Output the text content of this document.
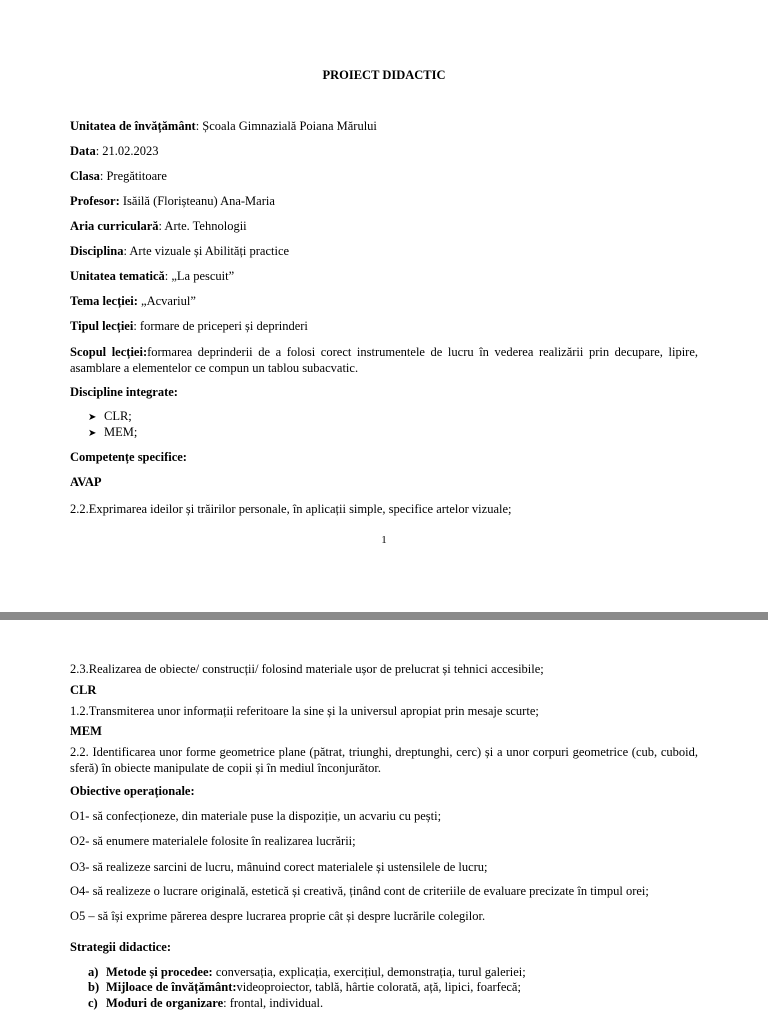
PROIECT DIDACTIC
Unitatea de învățământ: Școala Gimnazială Poiana Mărului
Data: 21.02.2023
Clasa: Pregătitoare
Profesor: Isăilă (Floriștеanu) Ana-Maria
Aria curriculară: Arte. Tehnologii
Disciplina: Arte vizuale și Abilități practice
Unitatea tematică: „La pescuit”
Tema lecției: „Acvariul”
Tipul lecției: formare de priceperi și deprinderi
Scopul lecției:formarea deprinderii de a folosi corect instrumentele de lucru în vederea realizării prin decupare, lipire, asamblare a elementelor ce compun un tablou subacvatic.
Discipline integrate:
➤ CLR;
➤ MEM;
Competențe specifice:
AVAP
2.2.Exprimarea ideilor și trăirilor personale, în aplicații simple, specifice artelor vizuale;
1
2.3.Realizarea de obiecte/ construcții/ folosind materiale ușor de prelucrat și tehnici accesibile;
CLR
1.2.Transmiterea unor informații referitoare la sine și la universul apropiat prin mesaje scurte;
MEM
2.2. Identificarea unor forme geometrice plane (pătrat, triunghi, dreptunghi, cerc) și a unor corpuri geometrice (cub, cuboid, sferă) în obiecte manipulate de copii și în mediul înconjurător.
Obiective operaționale:
O1- să confecționeze, din materiale puse la dispoziție, un acvariu cu pești;
O2- să enumere materialele folosite în realizarea lucrării;
O3- să realizeze sarcini de lucru, mânuind corect materialele și ustensilele de lucru;
O4- să realizeze o lucrare originală, estetică și creativă, ținând cont de criteriile de evaluare precizate în timpul orei;
O5 – să își exprime părerea despre lucrarea proprie cât și despre lucrările colegilor.
Strategii didactice:
a) Metode și procedee: conversația, explicația, exercițiul, demonstrația, turul galeriei;
b) Mijloace de învățământ:videoproiector, tablă, hârtie colorată, ață, lipici, foarfecă;
c) Moduri de organizare: frontal, individual.
